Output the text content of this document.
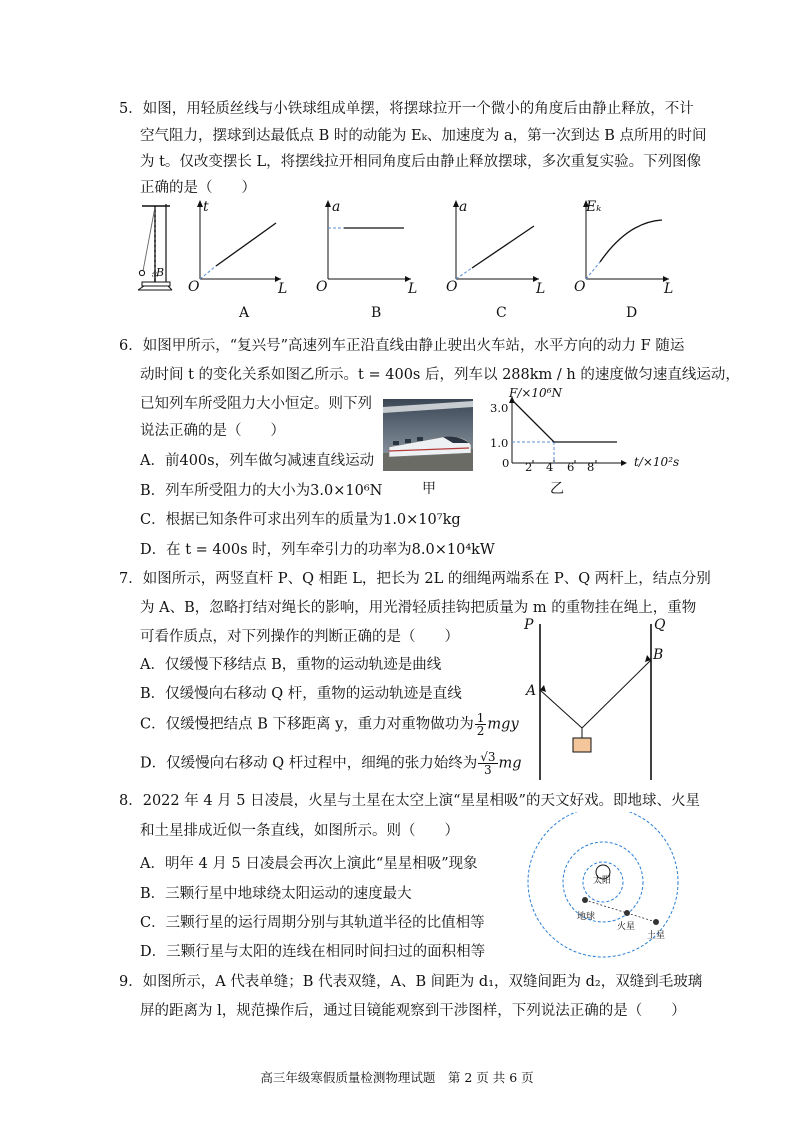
5．如图，用轻质丝线与小铁球组成单摆，将摆球拉开一个微小的角度后由静止释放，不计
空气阻力，摆球到达最低点 B 时的动能为 Eₖ、加速度为 a，第一次到达 B 点所用的时间
为 t。仅改变摆长 L，将摆线拉开相同角度后由静止释放摆球，多次重复实验。下列图像
正确的是（　　）
B
t
L
O
A
a
L
O
B
a
L
O
C
Eₖ
L
O
D
6．如图甲所示，“复兴号”高速列车正沿直线由静止驶出火车站，水平方向的动力 F 随运
动时间 t 的变化关系如图乙所示。t = 400s 后，列车以 288km / h 的速度做匀速直线运动，
已知列车所受阻力大小恒定。则下列
说法正确的是（　　）
A．前400s，列车做匀减速直线运动
B．列车所受阻力的大小为3.0×10⁶N
C．根据已知条件可求出列车的质量为1.0×10⁷kg
D．在 t = 400s 时，列车牵引力的功率为8.0×10⁴kW
甲
F/×10⁶N
3.0
1.0
0 2 4 6 8	t/×10²s
乙
7．如图所示，两竖直杆 P、Q 相距 L，把长为 2L 的细绳两端系在 P、Q 两杆上，结点分别
为 A、B，忽略打结对绳长的影响，用光滑轻质挂钩把质量为 m 的重物挂在绳上，重物
可看作质点，对下列操作的判断正确的是（　　）
A．仅缓慢下移结点 B，重物的运动轨迹是曲线
B．仅缓慢向右移动 Q 杆，重物的运动轨迹是直线
C．仅缓慢把结点 B 下移距离 y，重力对重物做功为 $\frac{1}{2}$ mgy
D．仅缓慢向右移动 Q 杆过程中，细绳的张力始终为 $\frac{√3}{3}$ mg
P	Q
A
B
8．2022 年 4 月 5 日凌晨，火星与土星在太空上演“星星相吸”的天文好戏。即地球、火星
和土星排成近似一条直线，如图所示。则（　　）
A．明年 4 月 5 日凌晨会再次上演此“星星相吸”现象
B．三颗行星中地球绕太阳运动的速度最大
C．三颗行星的运行周期分别与其轨道半径的比值相等
D．三颗行星与太阳的连线在相同时间扫过的面积相等
太阳
地球
火星
土星
9．如图所示，A 代表单缝；B 代表双缝，A、B 间距为 d₁，双缝间距为 d₂，双缝到毛玻璃
屏的距离为 l，规范操作后，通过目镜能观察到干涉图样，下列说法正确的是（　　）
高三年级寒假质量检测物理试题　第 2 页 共 6 页
